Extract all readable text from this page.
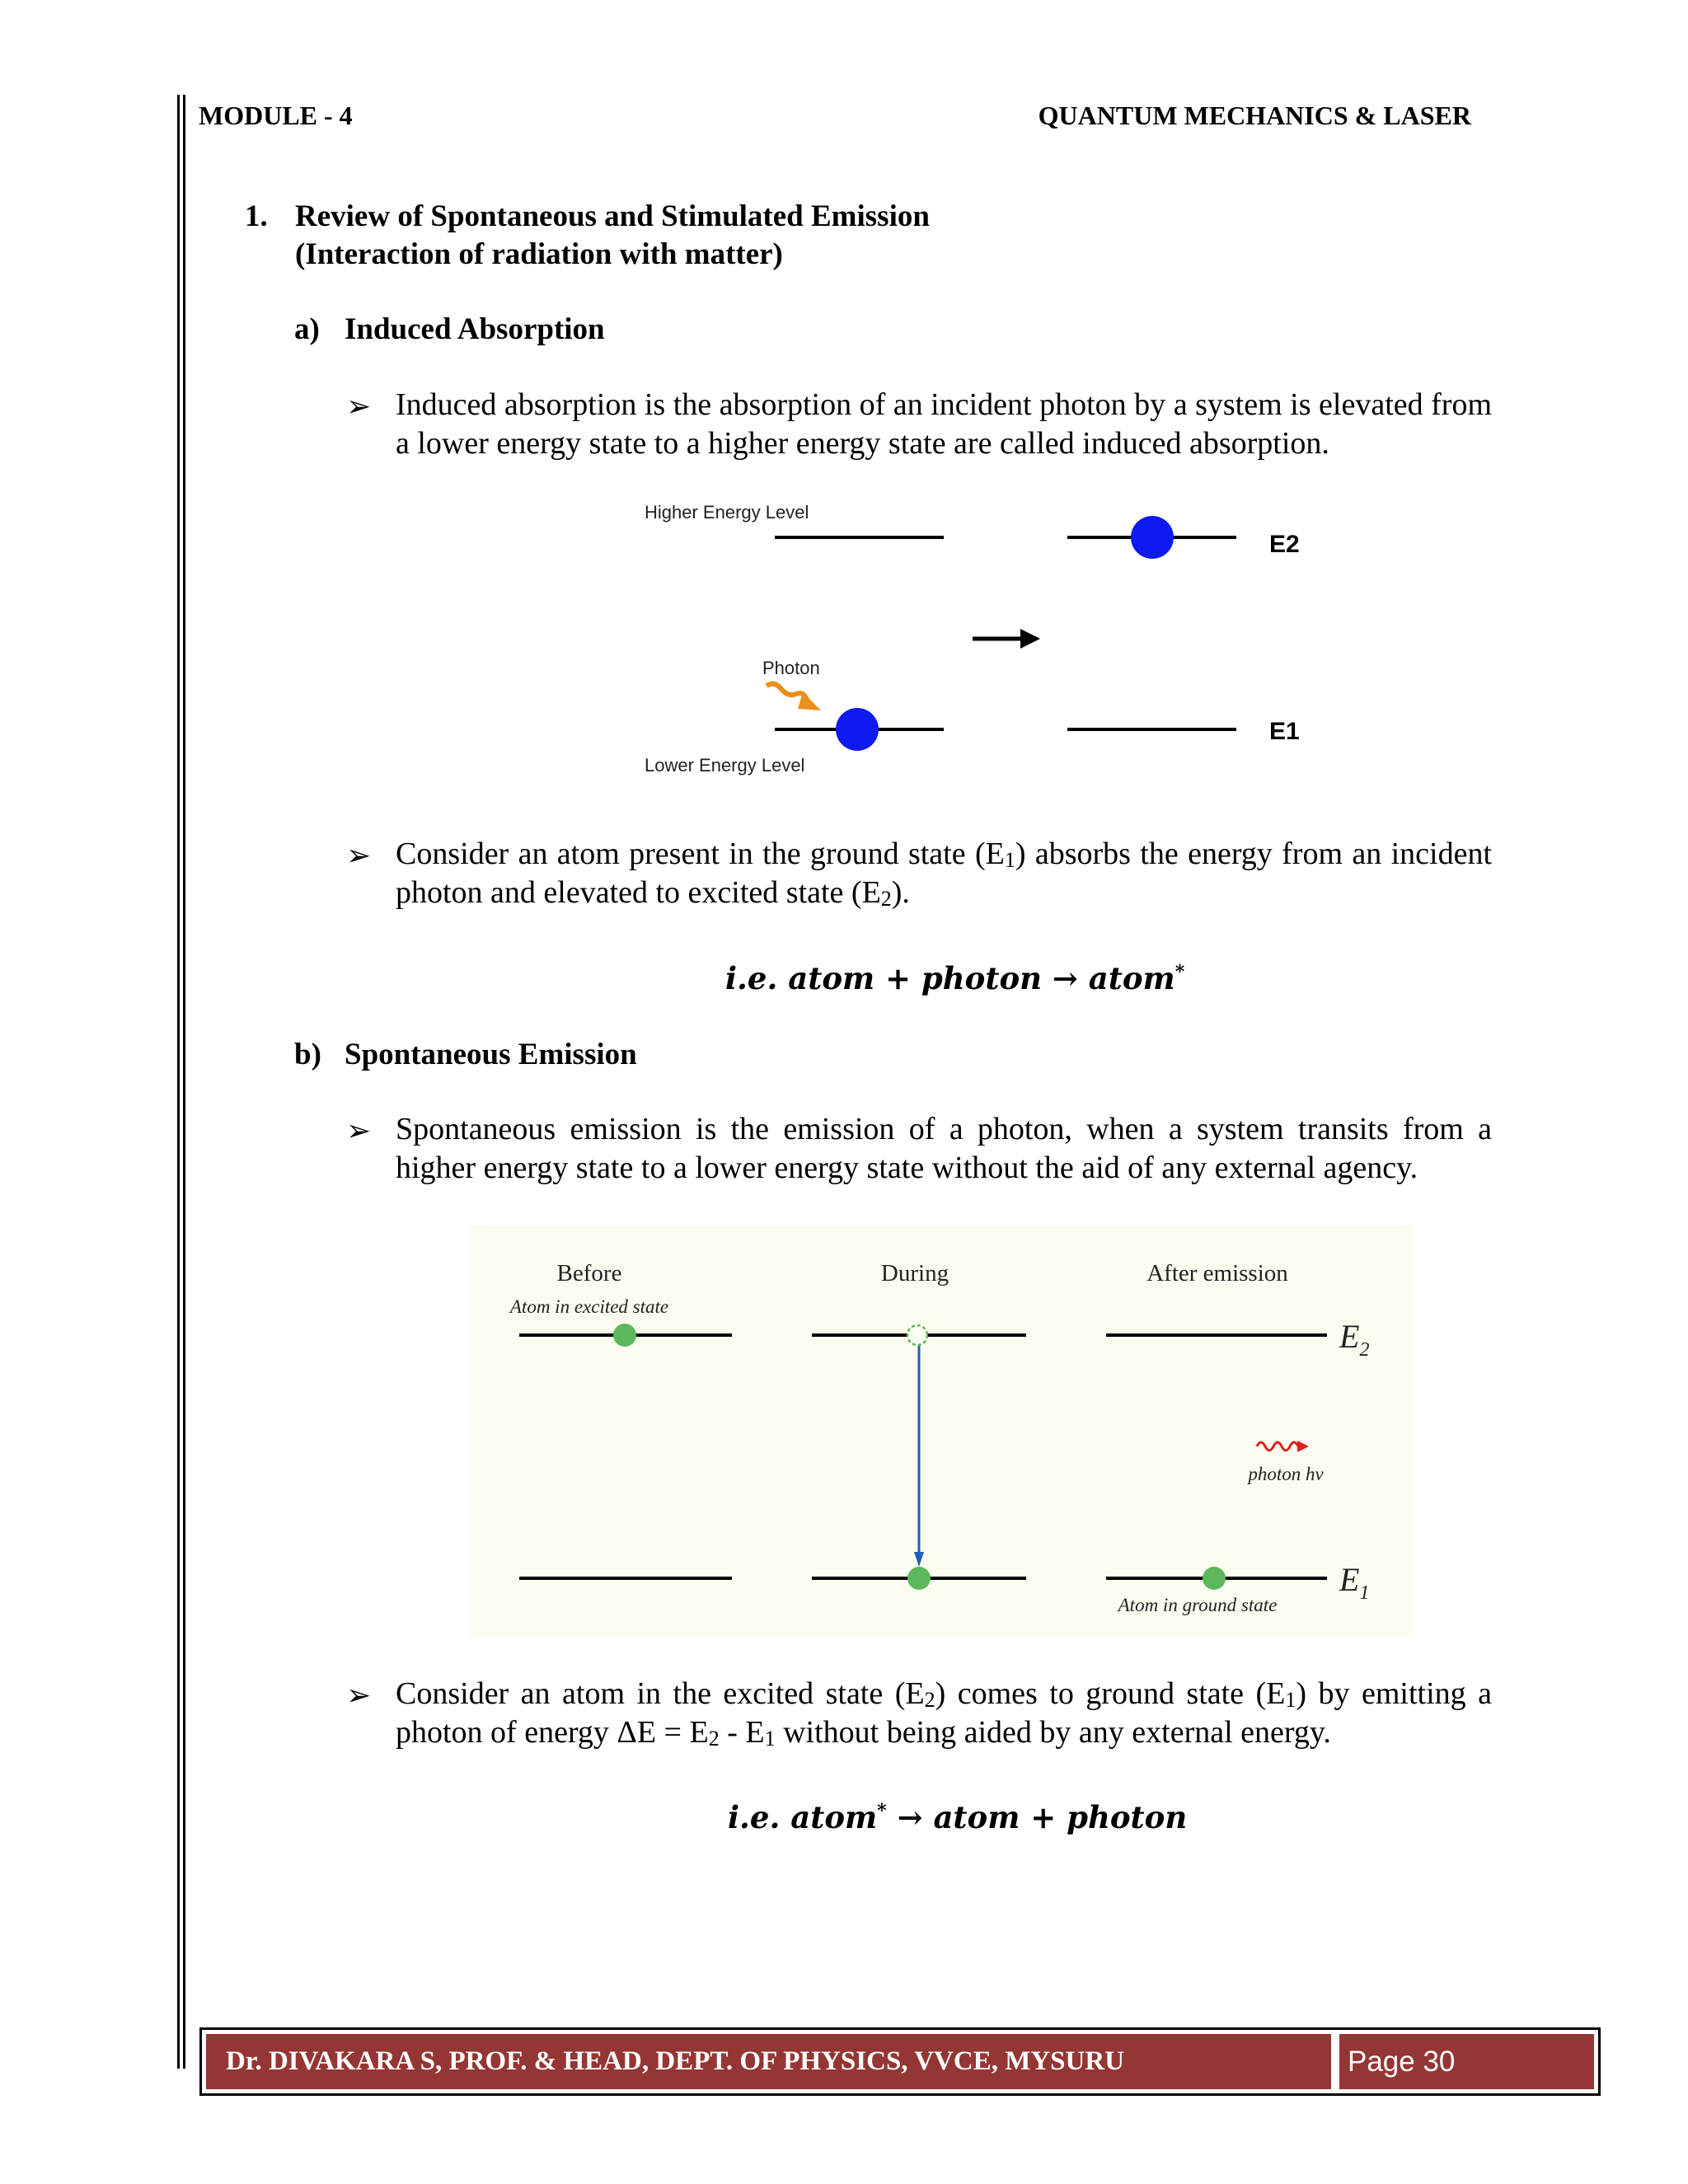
MODULE - 4	QUANTUM MECHANICS & LASER
1. Review of Spontaneous and Stimulated Emission
(Interaction of radiation with matter)
a) Induced Absorption
➢ Induced absorption is the absorption of an incident photon by a system is elevated from a lower energy state to a higher energy state are called induced absorption.
Higher Energy Level
E2
Photon
E1
Lower Energy Level
➢ Consider an atom present in the ground state $(E_1)$ absorbs the energy from an incident photon and elevated to excited state $(E_2)$.
i.e. atom + photon → atom*
b) Spontaneous Emission
➢ Spontaneous emission is the emission of a photon, when a system transits from a higher energy state to a lower energy state without the aid of any external agency.
Before	During	After emission
Atom in excited state
$E_2$
photon hv
$E_1$
Atom in ground state
➢ Consider an atom in the excited state $(E_2)$ comes to ground state $(E_1)$ by emitting a photon of energy $\Delta E = E_2 - E_1$ without being aided by any external energy.
i.e. atom* → atom + photon
Dr. DIVAKARA S, PROF. & HEAD, DEPT. OF PHYSICS, VVCE, MYSURU	Page 30
